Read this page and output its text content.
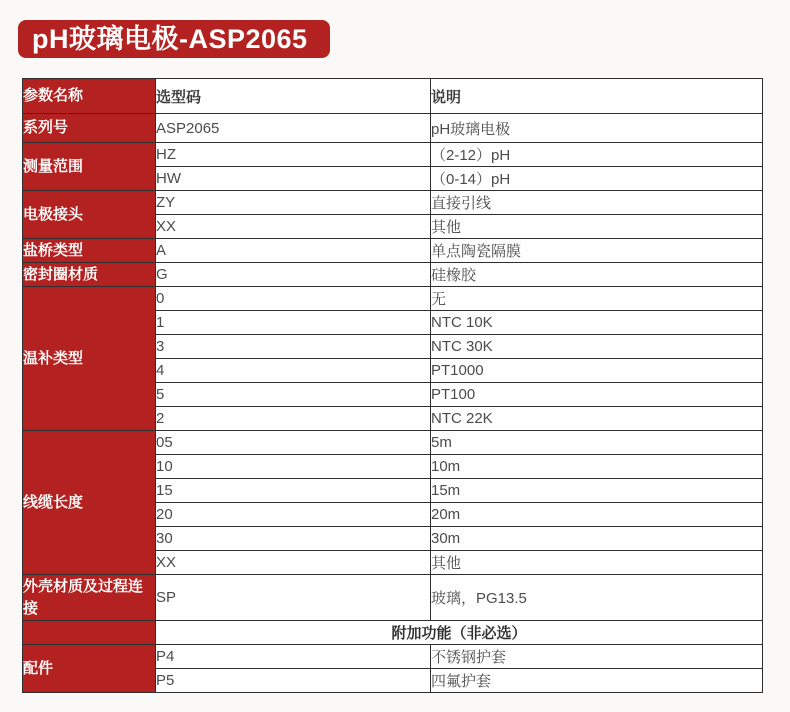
pH玻璃电极-ASP2065
参数名称	选型码	说明
系列号	ASP2065	pH玻璃电极
测量范围	HZ	（2-12）pH
	HW	（0-14）pH
电极接头	ZY	直接引线
	XX	其他
盐桥类型	A	单点陶瓷隔膜
密封圈材质	G	硅橡胶
温补类型	0	无
	1	NTC 10K
	3	NTC 30K
	4	PT1000
	5	PT100
	2	NTC 22K
线缆长度	05	5m
	10	10m
	15	15m
	20	20m
	30	30m
	XX	其他
外壳材质及过程连接	SP	玻璃，PG13.5
	附加功能（非必选）	
配件	P4	不锈钢护套
	P5	四氟护套
